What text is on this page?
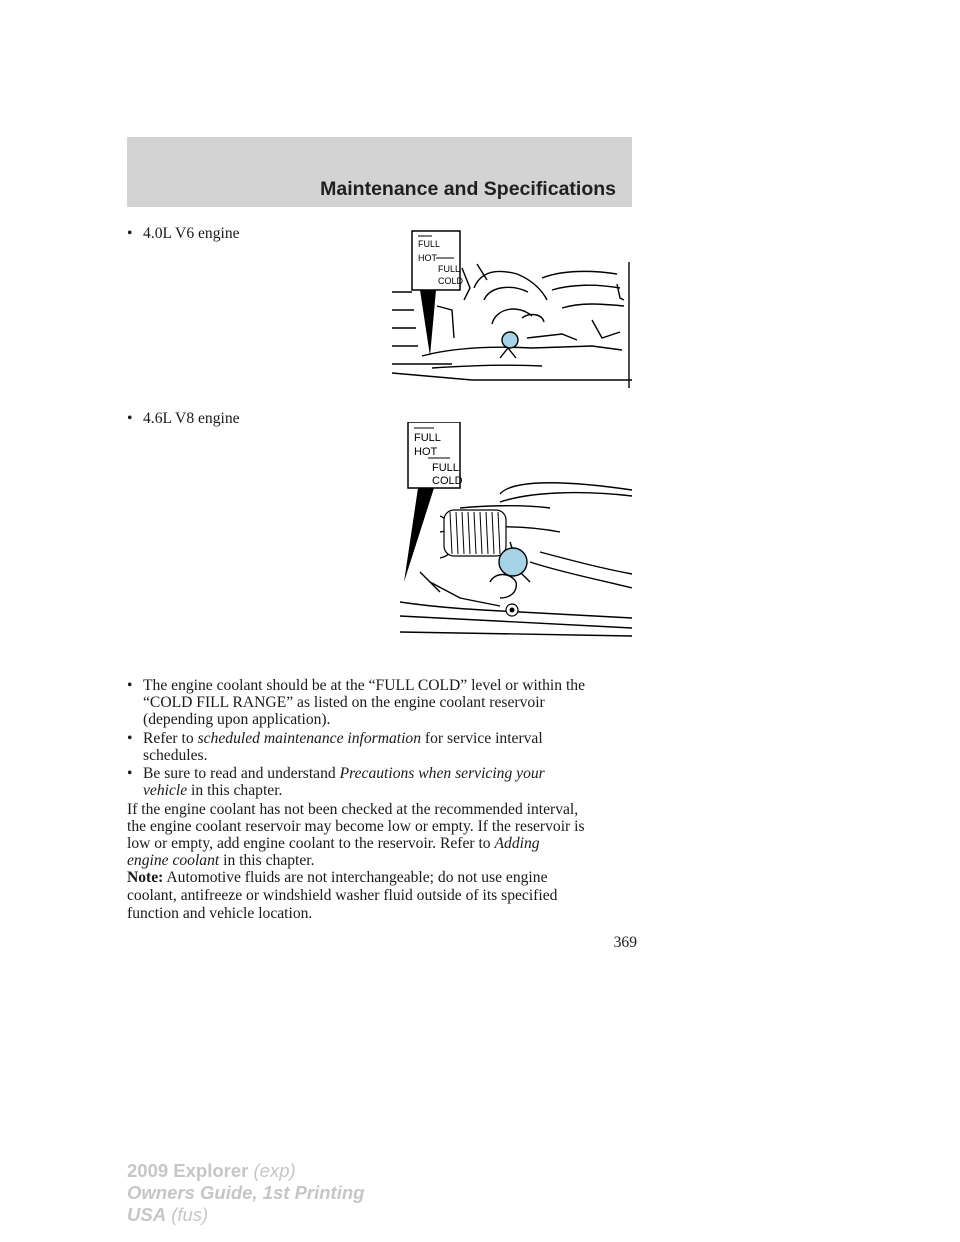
Maintenance and Specifications
• 4.0L V6 engine
• 4.6L V8 engine
FULL
HOT
FULL
COLD
FULL
HOT
FULL
COLD
• The engine coolant should be at the “FULL COLD” level or within the
“COLD FILL RANGE” as listed on the engine coolant reservoir
(depending upon application).
• Refer to scheduled maintenance information for service interval
schedules.
• Be sure to read and understand Precautions when servicing your
vehicle in this chapter.
If the engine coolant has not been checked at the recommended interval,
the engine coolant reservoir may become low or empty. If the reservoir is
low or empty, add engine coolant to the reservoir. Refer to Adding
engine coolant in this chapter.
Note: Automotive fluids are not interchangeable; do not use engine
coolant, antifreeze or windshield washer fluid outside of its specified
function and vehicle location.
369
2009 Explorer (exp)
Owners Guide, 1st Printing
USA (fus)
